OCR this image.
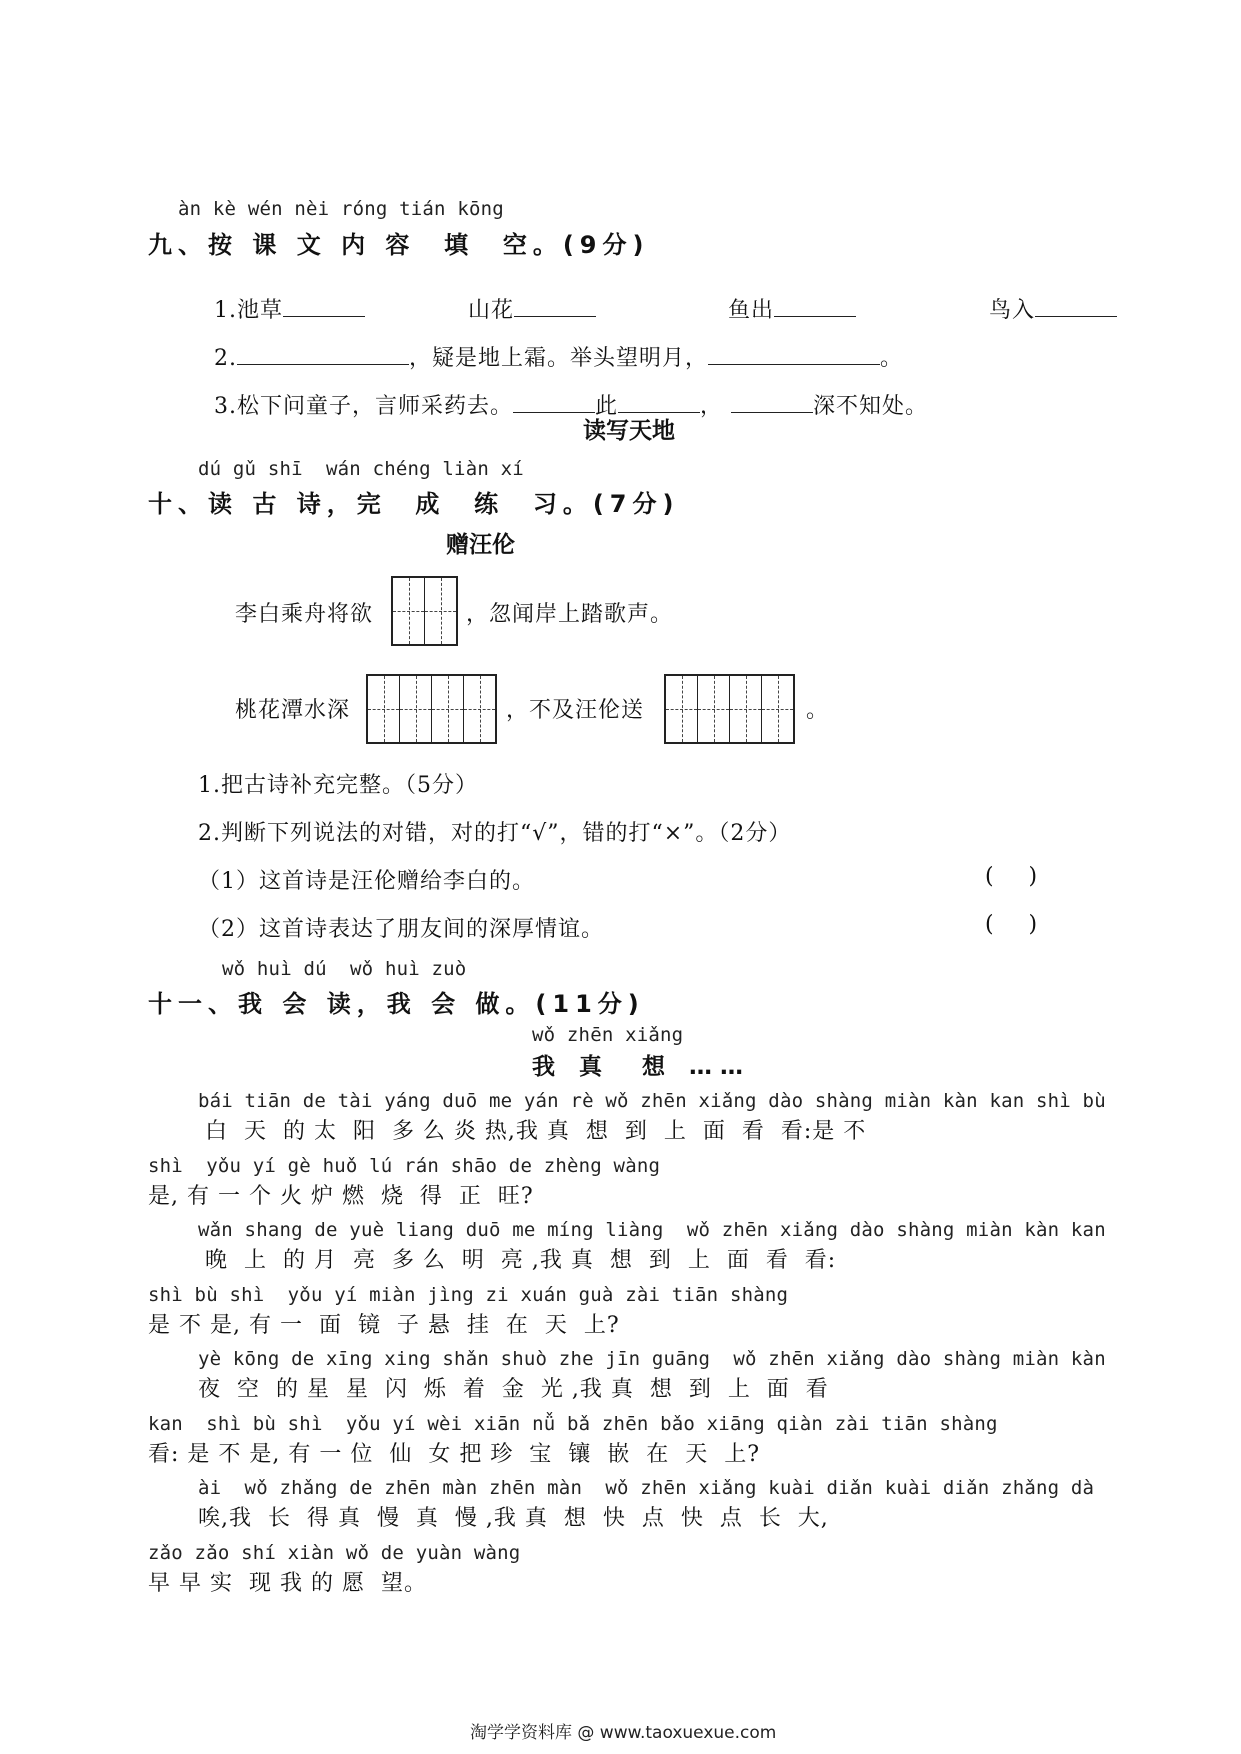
àn kè wén nèi róng tián kōng
九、按 课 文 内 容  填  空。(9分)

1.池草	山花	鱼出	鸟入

2.	，疑是地上霜。举头望明月，	。

3.松下问童子，言师采药去。	此	，	深不知处。

读写天地
dú gǔ shī  wán chéng liàn xí
十、读 古 诗，完  成  练  习。(7分)
赠汪伦
李白乘舟将欲	，忽闻岸上踏歌声。
桃花潭水深	，不及汪伦送	。
1.把古诗补充完整。（5分）
2.判断下列说法的对错，对的打“√”，错的打“×”。（2分）
（1）这首诗是汪伦赠给李白的。	(     )
（2）这首诗表达了朋友间的深厚情谊。	(     )
wǒ huì dú  wǒ huì zuò
十一、我 会 读，我 会 做。(11分)
wǒ zhēn xiǎng
我 真  想 ……
bái tiān de tài yáng duō me yán rè wǒ zhēn xiǎng dào shàng miàn kàn kan shì bù
白  天  的 太  阳  多 么 炎 热,我 真  想  到  上  面  看  看:是 不
shì  yǒu yí gè huǒ lú rán shāo de zhèng wàng
是, 有 一 个 火 炉 燃  烧  得  正  旺?
wǎn shang de yuè liang duō me míng liàng  wǒ zhēn xiǎng dào shàng miàn kàn kan
晚  上  的 月  亮  多 么  明  亮 ,我 真  想  到  上  面  看  看:
shì bù shì  yǒu yí miàn jìng zi xuán guà zài tiān shàng
是 不 是, 有 一  面  镜  子 悬  挂  在  天  上?
yè kōng de xīng xing shǎn shuò zhe jīn guāng  wǒ zhēn xiǎng dào shàng miàn kàn
夜  空  的 星  星  闪  烁  着  金  光 ,我 真  想  到  上  面  看
kan  shì bù shì  yǒu yí wèi xiān nǚ bǎ zhēn bǎo xiāng qiàn zài tiān shàng
看: 是 不 是, 有 一 位  仙  女 把 珍  宝  镶  嵌  在  天  上?
ài  wǒ zhǎng de zhēn màn zhēn màn  wǒ zhēn xiǎng kuài diǎn kuài diǎn zhǎng dà
唉,我  长  得 真  慢  真  慢 ,我 真  想  快  点  快  点  长  大,
zǎo zǎo shí xiàn wǒ de yuàn wàng
早 早 实  现 我 的 愿  望。
淘学学资料库 @ www.taoxuexue.com
